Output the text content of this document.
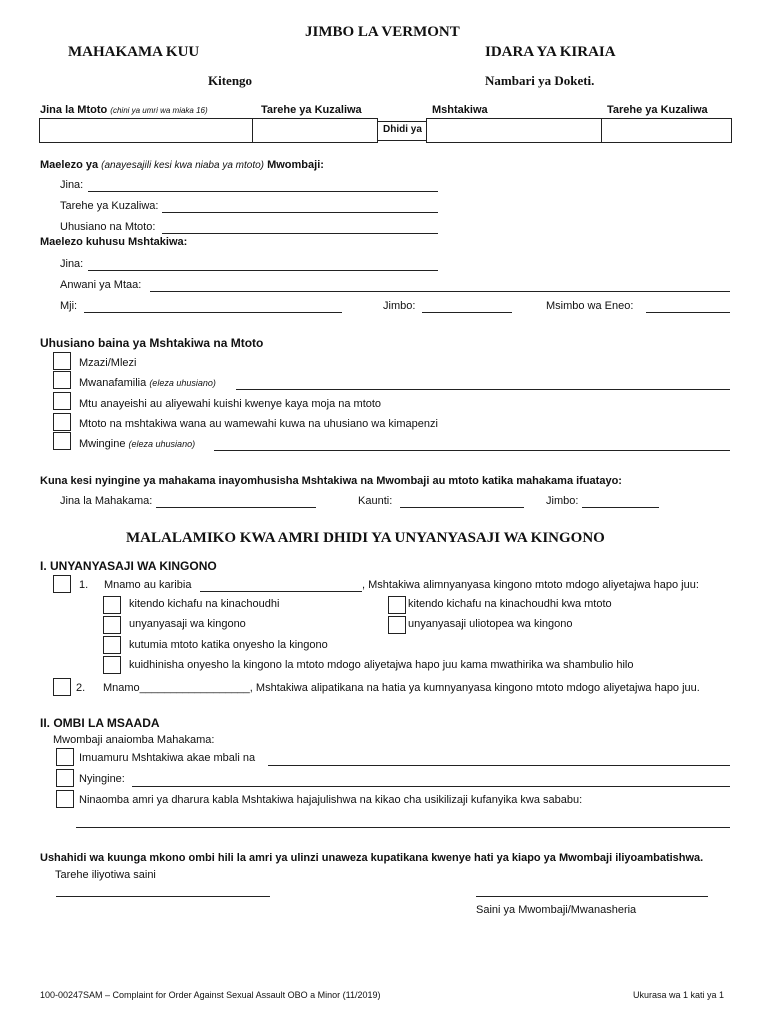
JIMBO LA VERMONT
MAHAKAMA KUU	IDARA YA KIRAIA
Kitengo	Nambari ya Doketi.
Jina la Mtoto (chini ya umri wa miaka 16)	Tarehe ya Kuzaliwa	Mshtakiwa	Tarehe ya Kuzaliwa
Dhidi ya
Maelezo ya (anayesajili kesi kwa niaba ya mtoto) Mwombaji:
Jina:
Tarehe ya Kuzaliwa:
Uhusiano na Mtoto:
Maelezo kuhusu Mshtakiwa:
Jina:
Anwani ya Mtaa:
Mji:	Jimbo:	Msimbo wa Eneo:
Uhusiano baina ya Mshtakiwa na Mtoto
Mzazi/Mlezi
Mwanafamilia (eleza uhusiano)
Mtu anayeishi au aliyewahi kuishi kwenye kaya moja na mtoto
Mtoto na mshtakiwa wana au wamewahi kuwa na uhusiano wa kimapenzi
Mwingine (eleza uhusiano)
Kuna kesi nyingine ya mahakama inayomhusisha Mshtakiwa na Mwombaji au mtoto katika mahakama ifuatayo:
Jina la Mahakama:	Kaunti:	Jimbo:
MALALAMIKO KWA AMRI DHIDI YA UNYANYASAJI WA KINGONO
I. UNYANYASAJI WA KINGONO
1. Mnamo au karibia	, Mshtakiwa alimnyanyasa kingono mtoto mdogo aliyetajwa hapo juu:
kitendo kichafu na kinachoudhi	kitendo kichafu na kinachoudhi kwa mtoto
unyanyasaji wa kingono	unyanyasaji uliotopea wa kingono
kutumia mtoto katika onyesho la kingono
kuidhinisha onyesho la kingono la mtoto mdogo aliyetajwa hapo juu kama mwathirika wa shambulio hilo
2. Mnamo__________________, Mshtakiwa alipatikana na hatia ya kumnyanyasa kingono mtoto mdogo aliyetajwa hapo juu.
II. OMBI LA MSAADA
Mwombaji anaiomba Mahakama:
Imuamuru Mshtakiwa akae mbali na
Nyingine:
Ninaomba amri ya dharura kabla Mshtakiwa hajajulishwa na kikao cha usikilizaji kufanyika kwa sababu:
Ushahidi wa kuunga mkono ombi hili la amri ya ulinzi unaweza kupatikana kwenye hati ya kiapo ya Mwombaji iliyoambatishwa.
Tarehe iliyotiwa saini
Saini ya Mwombaji/Mwanasheria
100-00247SAM – Complaint for Order Against Sexual Assault OBO a Minor (11/2019)	Ukurasa wa 1 kati ya 1
